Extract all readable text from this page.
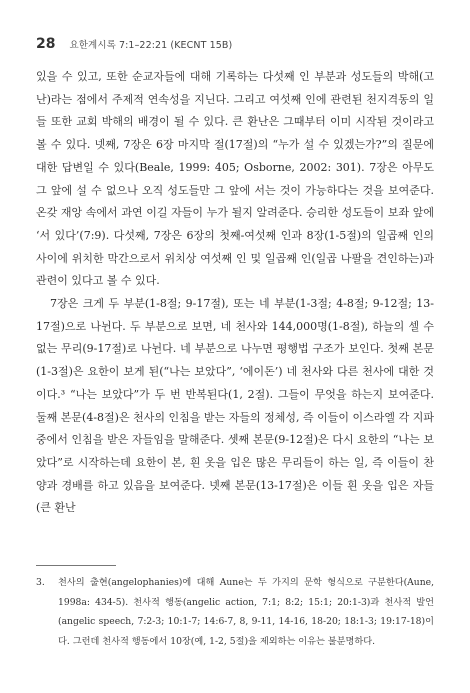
28 요한계시록 7:1–22:21 (KECNT 15B)

있을 수 있고, 또한 순교자들에 대해 기록하는 다섯째 인 부분과 성도들의 박해(고난)라는 점에서 주제적 연속성을 지닌다. 그리고 여섯째 인에 관련된 천지격동의 일들 또한 교회 박해의 배경이 될 수 있다. 큰 환난은 그때부터 이미 시작된 것이라고 볼 수 있다. 넷째, 7장은 6장 마지막 절(17절)의 “누가 설 수 있겠는가?”의 질문에 대한 답변일 수 있다(Beale, 1999: 405; Osborne, 2002: 301). 7장은 아무도 그 앞에 설 수 없으나 오직 성도들만 그 앞에 서는 것이 가능하다는 것을 보여준다. 온갖 재앙 속에서 과연 이길 자들이 누가 될지 알려준다. 승리한 성도들이 보좌 앞에 ‘서 있다’(7:9). 다섯째, 7장은 6장의 첫째-여섯째 인과 8장(1-5절)의 일곱째 인의 사이에 위치한 막간으로서 위치상 여섯째 인 및 일곱째 인(일곱 나팔을 견인하는)과 관련이 있다고 볼 수 있다.

7장은 크게 두 부분(1-8절; 9-17절), 또는 네 부분(1-3절; 4-8절; 9-12절; 13-17절)으로 나뉜다. 두 부분으로 보면, 네 천사와 144,000명(1-8절), 하늘의 셀 수 없는 무리(9-17절)로 나뉜다. 네 부분으로 나누면 평행법 구조가 보인다. 첫째 본문(1-3절)은 요한이 보게 된(“나는 보았다”, ‘에이돈’) 네 천사와 다른 천사에 대한 것이다.³ “나는 보았다”가 두 번 반복된다(1, 2절). 그들이 무엇을 하는지 보여준다. 둘째 본문(4-8절)은 천사의 인침을 받는 자들의 정체성, 즉 이들이 이스라엘 각 지파 중에서 인침을 받은 자들임을 말해준다. 셋째 본문(9-12절)은 다시 요한의 “나는 보았다”로 시작하는데 요한이 본, 흰 옷을 입은 많은 무리들이 하는 일, 즉 이들이 찬양과 경배를 하고 있음을 보여준다. 넷째 본문(13-17절)은 이들 흰 옷을 입은 자들(큰 환난

3.	천사의 출현(angelophanies)에 대해 Aune는 두 가지의 문학 형식으로 구분한다(Aune, 1998a: 434-5). 천사적 행동(angelic action, 7:1; 8:2; 15:1; 20:1-3)과 천사적 발언(angelic speech, 7:2-3; 10:1-7; 14:6-7, 8, 9-11, 14-16, 18-20; 18:1-3; 19:17-18)이다. 그런데 천사적 행동에서 10장(예, 1-2, 5절)을 제외하는 이유는 불분명하다.
